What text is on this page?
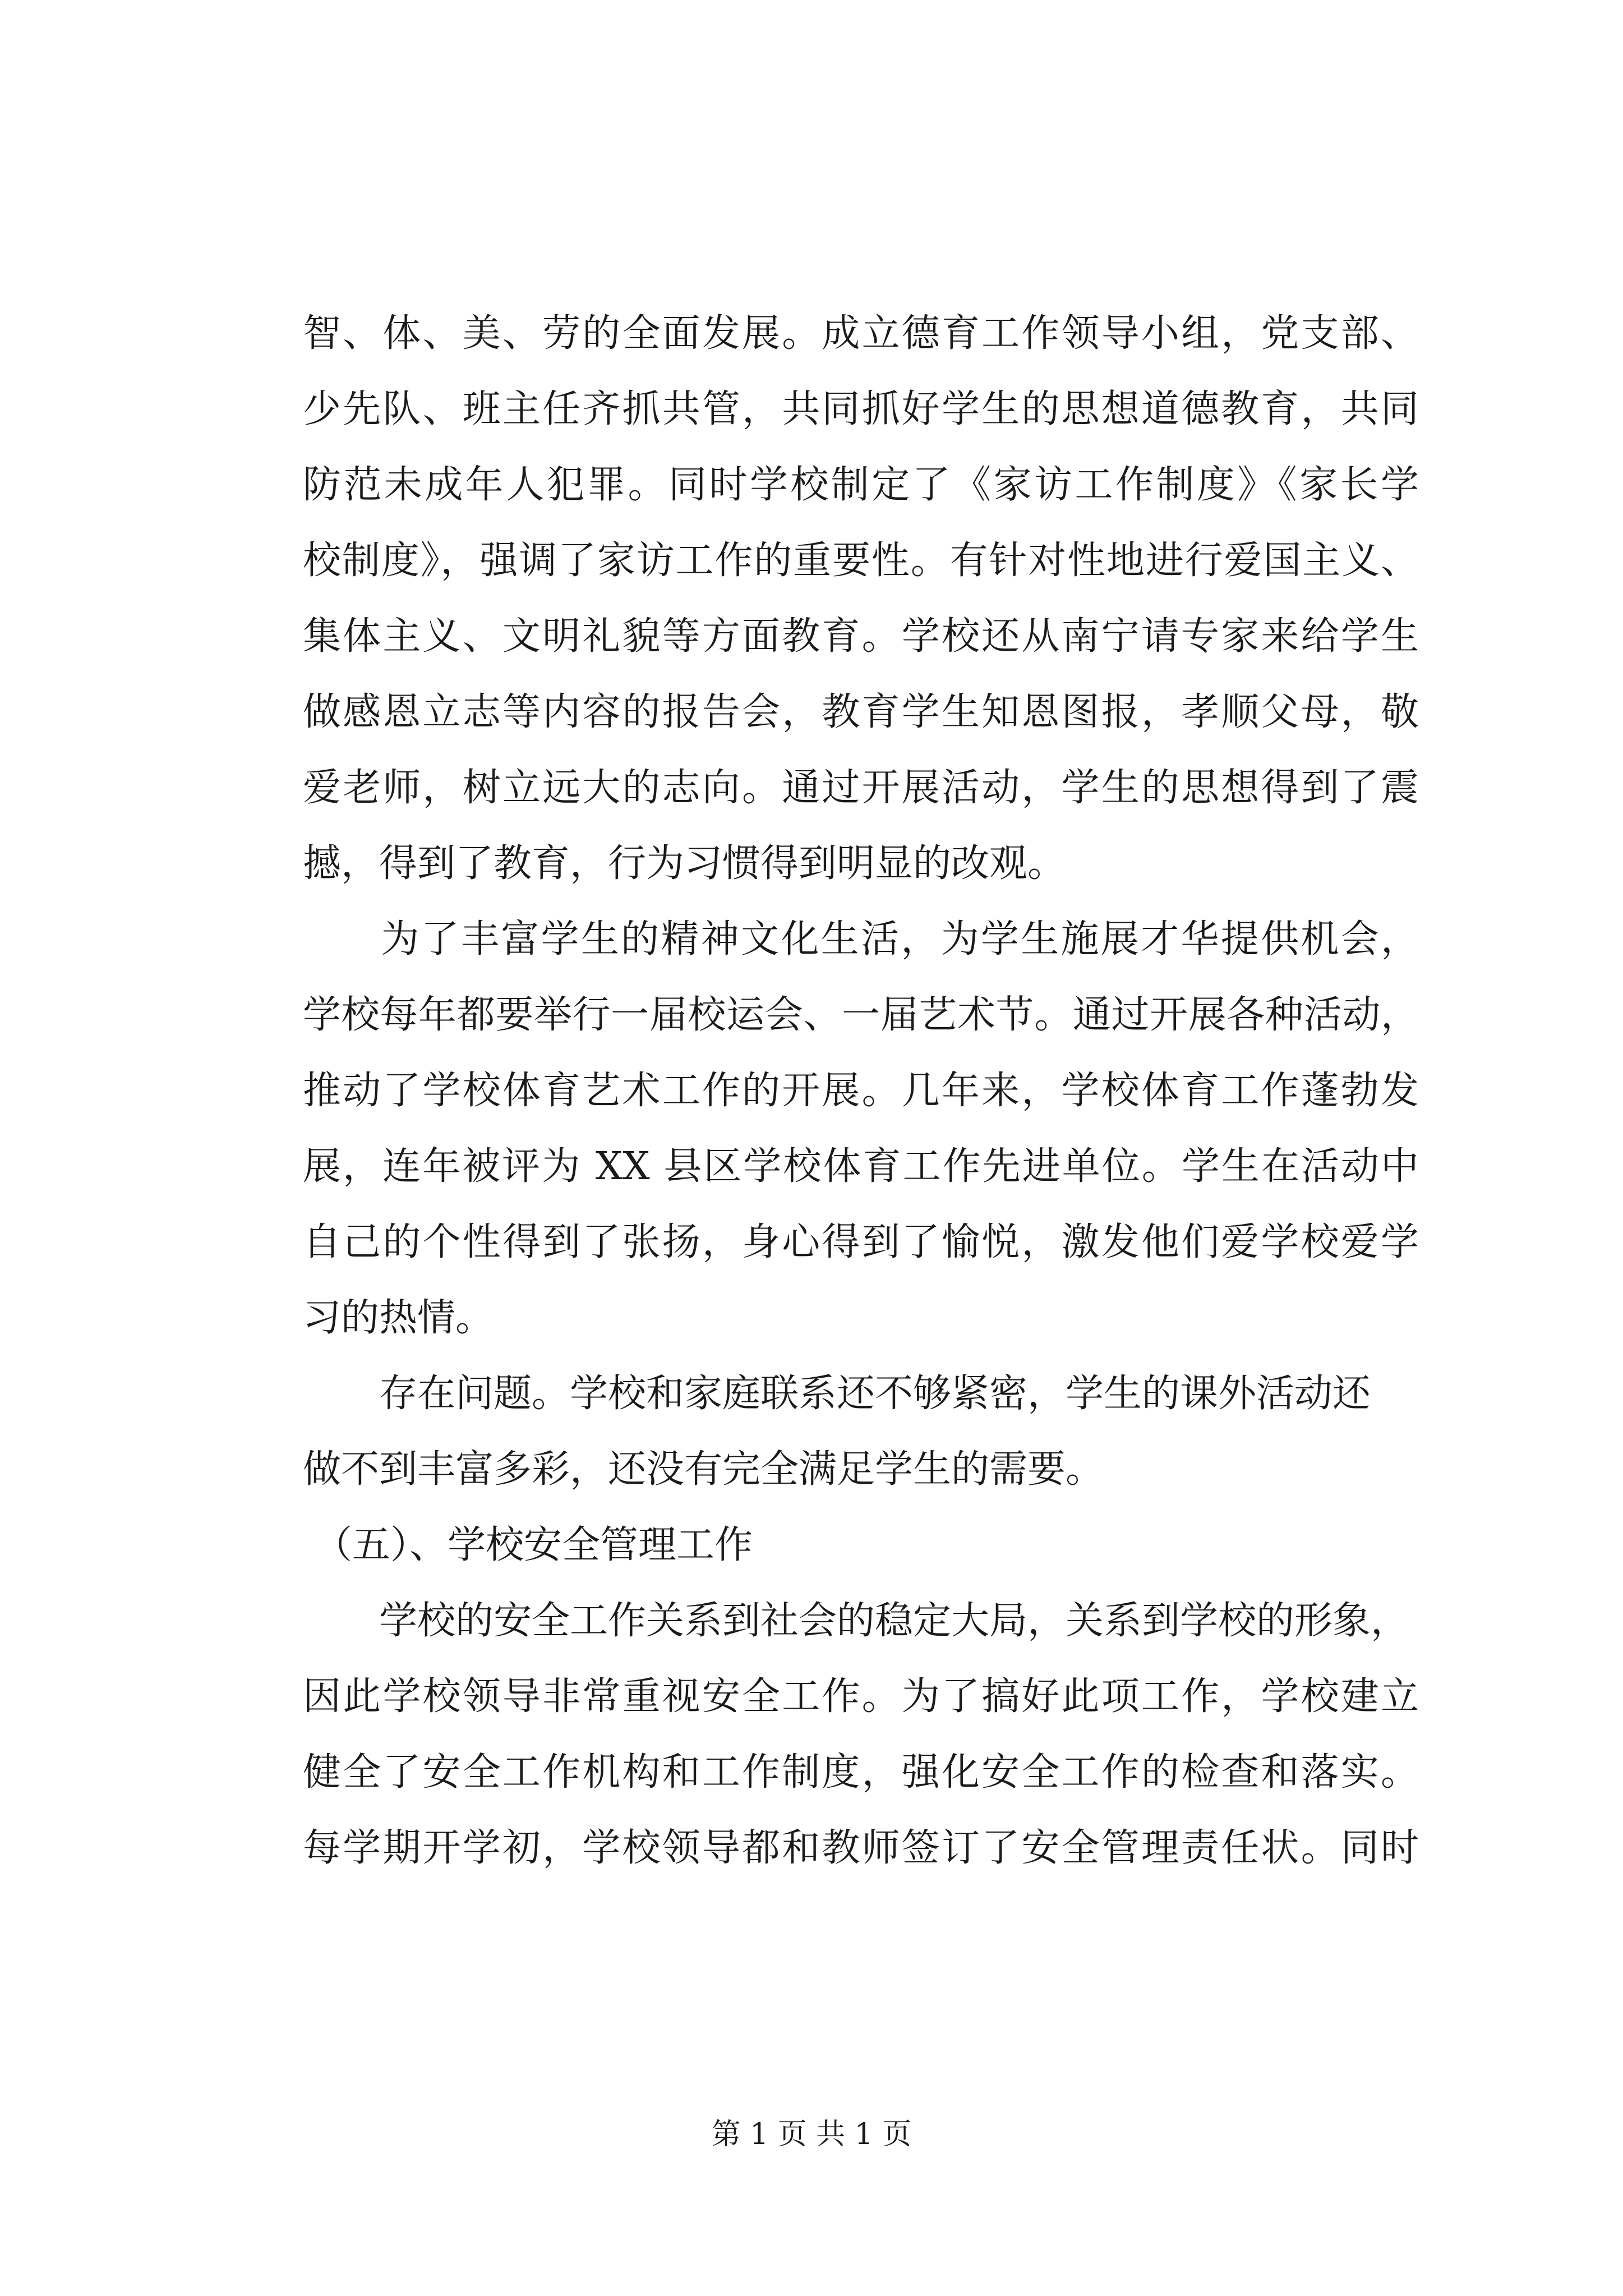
智、体、美、劳的全面发展。成立德育工作领导小组，党支部、
少先队、班主任齐抓共管，共同抓好学生的思想道德教育，共同
防范未成年人犯罪。同时学校制定了《家访工作制度》《家长学
校制度》，强调了家访工作的重要性。有针对性地进行爱国主义、
集体主义、文明礼貌等方面教育。学校还从南宁请专家来给学生
做感恩立志等内容的报告会，教育学生知恩图报，孝顺父母，敬
爱老师，树立远大的志向。通过开展活动，学生的思想得到了震
撼，得到了教育，行为习惯得到明显的改观。
为了丰富学生的精神文化生活，为学生施展才华提供机会，
学校每年都要举行一届校运会、一届艺术节。通过开展各种活动，
推动了学校体育艺术工作的开展。几年来，学校体育工作蓬勃发
展，连年被评为 XX 县区学校体育工作先进单位。学生在活动中
自己的个性得到了张扬，身心得到了愉悦，激发他们爱学校爱学
习的热情。
存在问题。学校和家庭联系还不够紧密，学生的课外活动还
做不到丰富多彩，还没有完全满足学生的需要。
（五）、学校安全管理工作
学校的安全工作关系到社会的稳定大局，关系到学校的形象，
因此学校领导非常重视安全工作。为了搞好此项工作，学校建立
健全了安全工作机构和工作制度，强化安全工作的检查和落实。
每学期开学初，学校领导都和教师签订了安全管理责任状。同时
第 1 页 共 1 页
